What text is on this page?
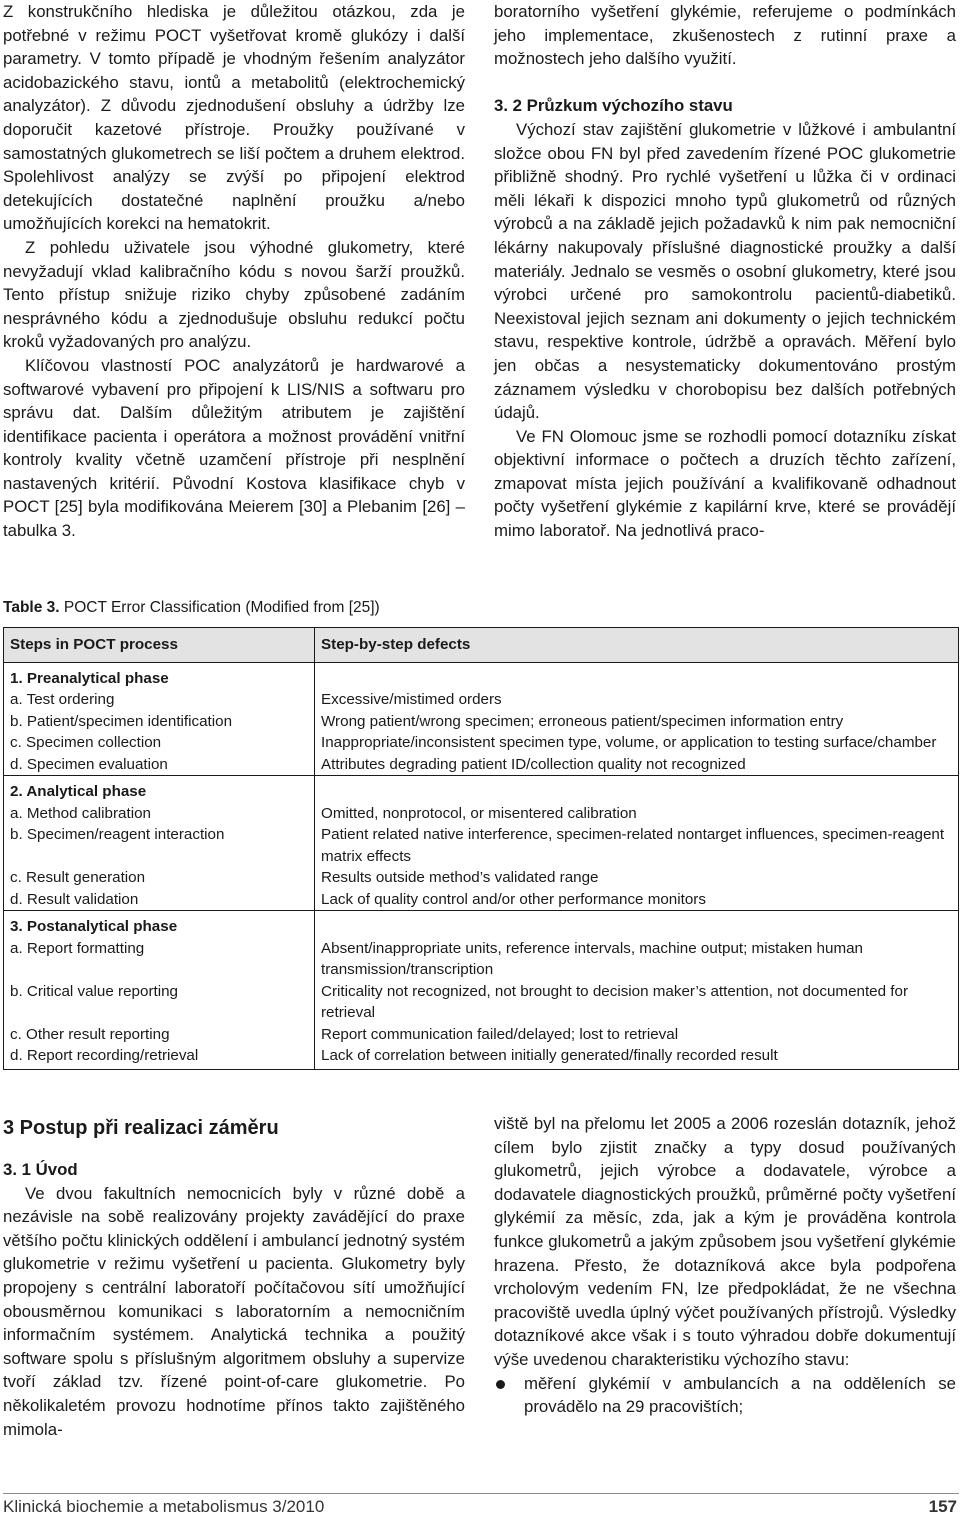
Z konstrukčního hlediska je důležitou otázkou, zda je potřebné v režimu POCT vyšetřovat kromě glukózy i další parametry. V tomto případě je vhodným řešením analyzátor acidobazického stavu, iontů a metabolitů (elektrochemický analyzátor). Z důvodu zjednodušení obsluhy a údržby lze doporučit kazetové přístroje. Proužky používané v samostatných glukometrech se liší počtem a druhem elektrod. Spolehlivost analýzy se zvýší po připojení elektrod detekujících dostatečné naplnění proužku a/nebo umožňujících korekci na hematokrit.

Z pohledu uživatele jsou výhodné glukometry, které nevyžadují vklad kalibračního kódu s novou šarží proužků. Tento přístup snižuje riziko chyby způsobené zadáním nesprávného kódu a zjednodušuje obsluhu redukcí počtu kroků vyžadovaných pro analýzu.

Klíčovou vlastností POC analyzátorů je hardwarové a softwarové vybavení pro připojení k LIS/NIS a softwaru pro správu dat. Dalším důležitým atributem je zajištění identifikace pacienta i operátora a možnost provádění vnitřní kontroly kvality včetně uzamčení přístroje při nesplnění nastavených kritérií. Původní Kostova klasifikace chyb v POCT [25] byla modifikována Meierem [30] a Plebanim [26] – tabulka 3.

boratorního vyšetření glykémie, referujeme o podmínkách jeho implementace, zkušenostech z rutinní praxe a možnostech jeho dalšího využití.

3. 2 Průzkum výchozího stavu

Výchozí stav zajištění glukometrie v lůžkové i ambulantní složce obou FN byl před zavedením řízené POC glukometrie přibližně shodný. Pro rychlé vyšetření u lůžka či v ordinaci měli lékaři k dispozici mnoho typů glukometrů od různých výrobců a na základě jejich požadavků k nim pak nemocniční lékárny nakupovaly příslušné diagnostické proužky a další materiály. Jednalo se vesměs o osobní glukometry, které jsou výrobci určené pro samokontrolu pacientů-diabetiků. Neexistoval jejich seznam ani dokumenty o jejich technickém stavu, respektive kontrole, údržbě a opravách. Měření bylo jen občas a nesystematicky dokumentováno prostým záznamem výsledku v chorobopisu bez dalších potřebných údajů.

Ve FN Olomouc jsme se rozhodli pomocí dotazníku získat objektivní informace o počtech a druzích těchto zařízení, zmapovat místa jejich používání a kvalifikovaně odhadnout počty vyšetření glykémie z kapilární krve, které se provádějí mimo laboratoř. Na jednotlivá praco-

Table 3. POCT Error Classification (Modified from [25])
Steps in POCT process	Step-by-step defects
1. Preanalytical phase	
a. Test ordering	Excessive/mistimed orders
b. Patient/specimen identification	Wrong patient/wrong specimen; erroneous patient/specimen information entry
c. Specimen collection	Inappropriate/inconsistent specimen type, volume, or application to testing surface/chamber
d. Specimen evaluation	Attributes degrading patient ID/collection quality not recognized
2. Analytical phase	
a. Method calibration	Omitted, nonprotocol, or misentered calibration
b. Specimen/reagent interaction	Patient related native interference, specimen-related nontarget influences, specimen-reagent matrix effects
c. Result generation	Results outside method’s validated range
d. Result validation	Lack of quality control and/or other performance monitors
3. Postanalytical phase	
a. Report formatting	Absent/inappropriate units, reference intervals, machine output; mistaken human transmission/transcription
b. Critical value reporting	Criticality not recognized, not brought to decision maker’s attention, not documented for retrieval
c. Other result reporting	Report communication failed/delayed; lost to retrieval
d. Report recording/retrieval	Lack of correlation between initially generated/finally recorded result
3 Postup při realizaci záměru

3. 1 Úvod

Ve dvou fakultních nemocnicích byly v různé době a nezávisle na sobě realizovány projekty zavádějící do praxe většího počtu klinických oddělení i ambulancí jednotný systém glukometrie v režimu vyšetření u pacienta. Glukometry byly propojeny s centrální laboratoří počítačovou sítí umožňující obousměrnou komunikaci s laboratorním a nemocničním informačním systémem. Analytická technika a použitý software spolu s příslušným algoritmem obsluhy a supervize tvoří základ tzv. řízené point-of-care glukometrie. Po několikaletém provozu hodnotíme přínos takto zajištěného mimola-

viště byl na přelomu let 2005 a 2006 rozeslán dotazník, jehož cílem bylo zjistit značky a typy dosud používaných glukometrů, jejich výrobce a dodavatele, výrobce a dodavatele diagnostických proužků, průměrné počty vyšetření glykémií za měsíc, zda, jak a kým je prováděna kontrola funkce glukometrů a jakým způsobem jsou vyšetření glykémie hrazena. Přesto, že dotazníková akce byla podpořena vrcholovým vedením FN, lze předpokládat, že ne všechna pracoviště uvedla úplný výčet používaných přístrojů. Výsledky dotazníkové akce však i s touto výhradou dobře dokumentují výše uvedenou charakteristiku výchozího stavu:

měření glykémií v ambulancích a na odděleních se provádělo na 29 pracovištích;
Klinická biochemie a metabolismus 3/2010	157
